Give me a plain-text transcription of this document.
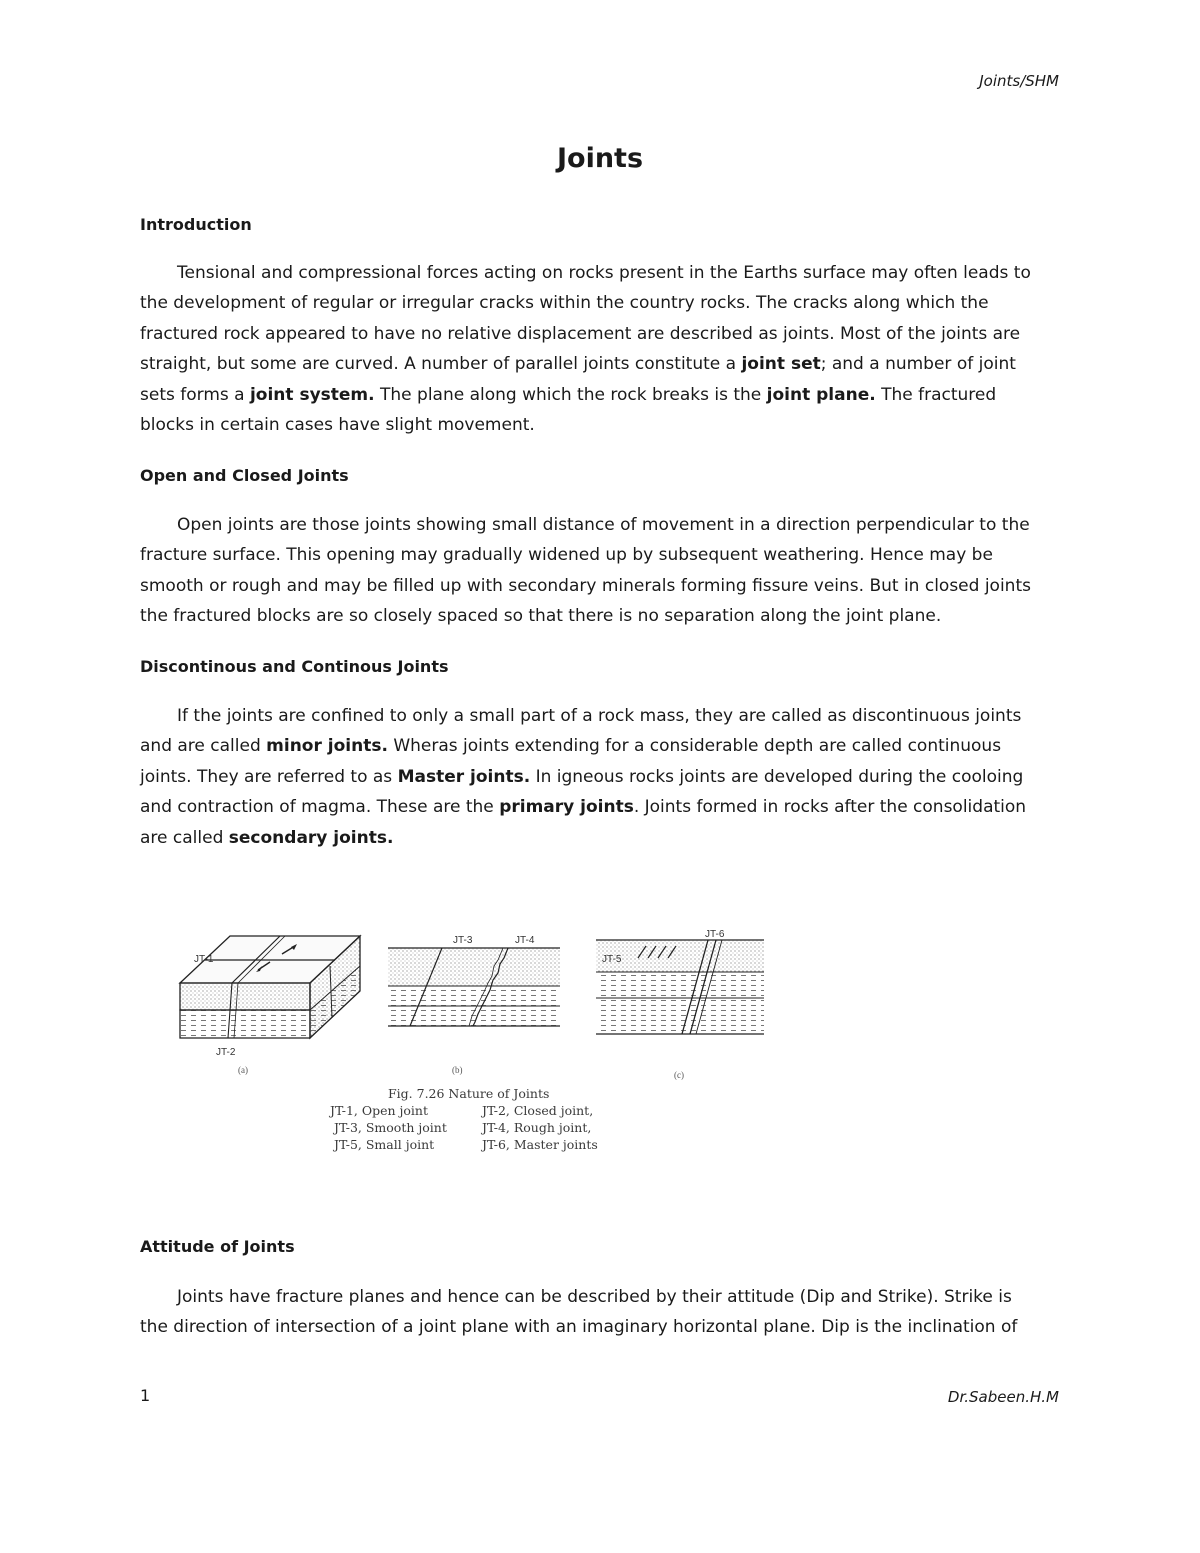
Joints/SHM
Joints
Introduction

Tensional and compressional forces acting on rocks present in the Earths surface may often leads to
the development of regular or irregular cracks within the country rocks. The cracks along which the
fractured rock appeared to have no relative displacement are described as joints. Most of the joints are
straight, but some are curved. A number of parallel joints constitute a joint set; and a number of joint
sets forms a joint system. The plane along which the rock breaks is the joint plane. The fractured
blocks in certain cases have slight movement.

Open and Closed Joints

Open joints are those joints showing small distance of movement in a direction perpendicular to the
fracture surface. This opening may gradually widened up by subsequent weathering. Hence may be
smooth or rough and may be filled up with secondary minerals forming fissure veins. But in closed joints
the fractured blocks are so closely spaced so that there is no separation along the joint plane.

Discontinous and Continous Joints

If the joints are confined to only a small part of a rock mass, they are called as discontinuous joints
and are called minor joints. Wheras joints extending for a considerable depth are called continuous
joints. They are referred to as Master joints. In igneous rocks joints are developed during the cooloing
and contraction of magma. These are the primary joints. Joints formed in rocks after the consolidation
are called secondary joints.

JT-1
JT-2
(a)
JT-3	JT-4
(b)
JT-6
JT-5
(c)
Fig. 7.26 Nature of Joints
JT-1, Open joint	JT-2, Closed joint,
JT-3, Smooth joint	JT-4, Rough joint,
JT-5, Small joint	JT-6, Master joints
Attitude of Joints

Joints have fracture planes and hence can be described by their attitude (Dip and Strike). Strike is
the direction of intersection of a joint plane with an imaginary horizontal plane. Dip is the inclination of

1	Dr.Sabeen.H.M
